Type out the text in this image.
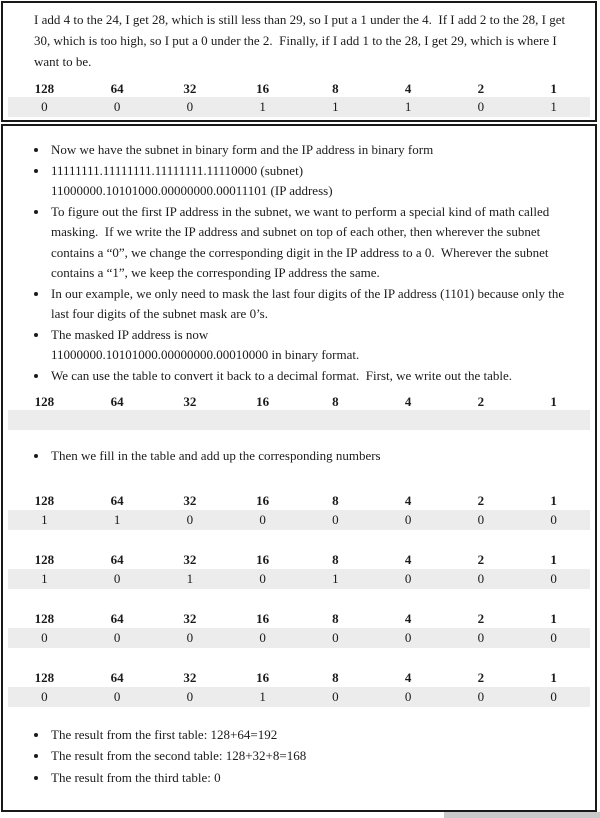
I add 4 to the 24, I get 28, which is still less than 29, so I put a 1 under the 4.  If I add 2 to the 28, I get 30, which is too high, so I put a 0 under the 2.  Finally, if I add 1 to the 28, I get 29, which is where I want to be.
128	64	32	16	8	4	2	1
0	0	0	1	1	1	0	1
• Now we have the subnet in binary form and the IP address in binary form
• 11111111.11111111.11111111.11110000 (subnet)
11000000.10101000.00000000.00011101 (IP address)
• To figure out the first IP address in the subnet, we want to perform a special kind of math called masking.  If we write the IP address and subnet on top of each other, then wherever the subnet contains a “0”, we change the corresponding digit in the IP address to a 0.  Wherever the subnet contains a “1”, we keep the corresponding IP address the same.
• In our example, we only need to mask the last four digits of the IP address (1101) because only the last four digits of the subnet mask are 0’s.
• The masked IP address is now
11000000.10101000.00000000.00010000 in binary format.
• We can use the table to convert it back to a decimal format.  First, we write out the table.
128	64	32	16	8	4	2	1
• Then we fill in the table and add up the corresponding numbers
128	64	32	16	8	4	2	1
1	1	0	0	0	0	0	0
128	64	32	16	8	4	2	1
1	0	1	0	1	0	0	0
128	64	32	16	8	4	2	1
0	0	0	0	0	0	0	0
128	64	32	16	8	4	2	1
0	0	0	1	0	0	0	0
• The result from the first table: 128+64=192
• The result from the second table: 128+32+8=168
• The result from the third table: 0
